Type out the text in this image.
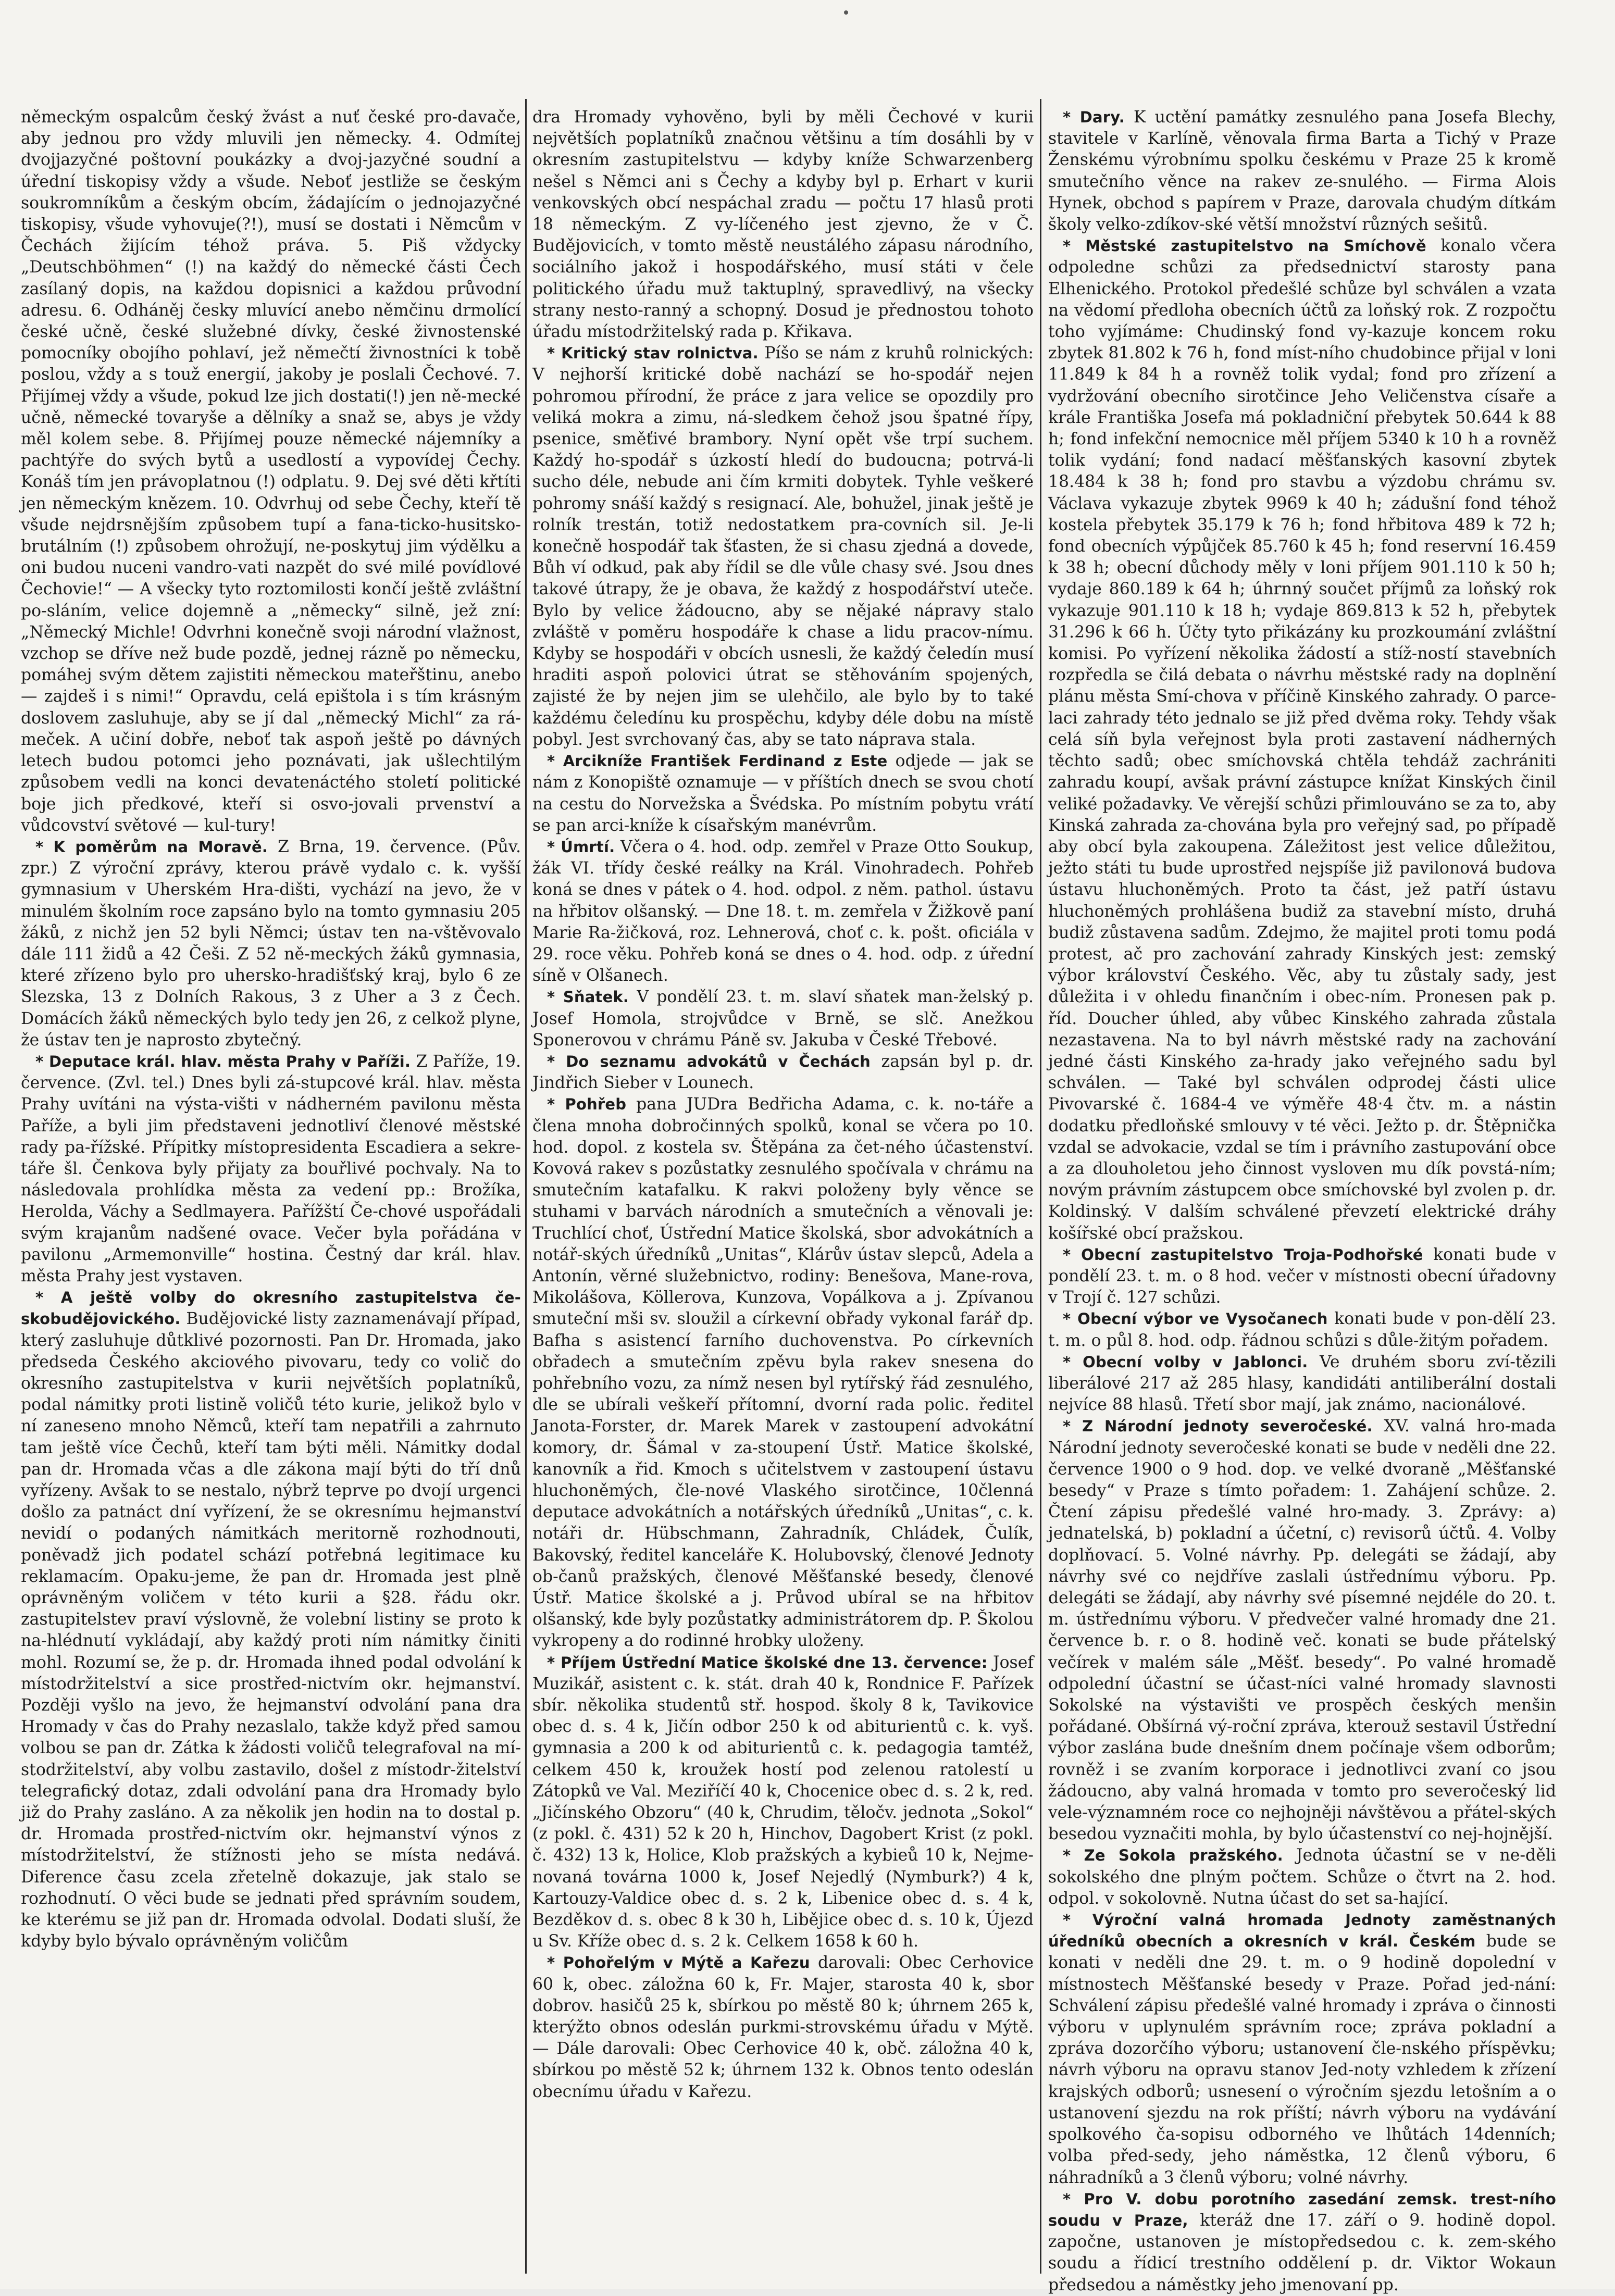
německým ospalcům český žvást a nuť české pro-davače, aby jednou pro vždy mluvili jen německy. 4. Odmítej dvojjazyčné poštovní poukázky a dvoj-jazyčné soudní a úřední tiskopisy vždy a všude. Neboť jestliže se českým soukromníkům a českým obcím, žádajícím o jednojazyčné tiskopisy, všude vyhovuje(?!), musí se dostati i Němcům v Čechách žijícím téhož práva. 5. Piš vždycky „Deutschböhmen“ (!) na každý do německé části Čech zasílaný dopis, na každou dopisnici a každou průvodní adresu. 6. Odháněj česky mluvící anebo němčinu drmolící české učně, české služebné dívky, české živnostenské pomocníky obojího pohlaví, jež němečtí živnostníci k tobě poslou, vždy a s touž energií, jakoby je poslali Čechové. 7. Přijímej vždy a všude, pokud lze jich dostati(!) jen ně-mecké učně, německé tovaryše a dělníky a snaž se, abys je vždy měl kolem sebe. 8. Přijímej pouze německé nájemníky a pachtýře do svých bytů a usedlostí a vypovídej Čechy. Konáš tím jen právoplatnou (!) odplatu. 9. Dej své děti křtíti jen německým knězem. 10. Odvrhuj od sebe Čechy, kteří tě všude nejdrsnějším způsobem tupí a fana-ticko-husitsko-brutálním (!) způsobem ohrožují, ne-poskytuj jim výdělku a oni budou nuceni vandro-vati nazpět do své milé povídlové Čechovie!“ — A všecky tyto roztomilosti končí ještě zvláštní po-sláním, velice dojemně a „německy“ silně, jež zní: „Německý Michle! Odvrhni konečně svoji národní vlažnost, vzchop se dříve než bude pozdě, jednej rázně po německu, pomáhej svým dětem zajistiti německou mateřštinu, anebo — zajdeš i s nimi!“ Opravdu, celá epištola i s tím krásným doslovem zasluhuje, aby se jí dal „německý Michl“ za rá-meček. A učiní dobře, neboť tak aspoň ještě po dávných letech budou potomci jeho poznávati, jak ušlechtilým způsobem vedli na konci devatenáctého století politické boje jich předkové, kteří si osvo-jovali prvenství a vůdcovství světové — kul-tury!

* K poměrům na Moravě. Z Brna, 19. července. (Pův. zpr.) Z výroční zprávy, kterou právě vydalo c. k. vyšší gymnasium v Uherském Hra-dišti, vychází na jevo, že v minulém školním roce zapsáno bylo na tomto gymnasiu 205 žáků, z nichž jen 52 byli Němci; ústav ten na-vštěvovalo dále 111 židů a 42 Češi. Z 52 ně-meckých žáků gymnasia, které zřízeno bylo pro uhersko-hradišťský kraj, bylo 6 ze Slezska, 13 z Dolních Rakous, 3 z Uher a 3 z Čech. Domácích žáků německých bylo tedy jen 26, z celkož plyne, že ústav ten je naprosto zbytečný.

* Deputace král. hlav. města Prahy v Paříži. Z Paříže, 19. července. (Zvl. tel.) Dnes byli zá-stupcové král. hlav. města Prahy uvítáni na výsta-višti v nádherném pavilonu města Paříže, a byli jim představeni jednotliví členové městské rady pa-řížské. Přípitky místopresidenta Escadiera a sekre-táře šl. Čenkova byly přijaty za bouřlivé pochvaly. Na to následovala prohlídka města za vedení pp.: Brožíka, Herolda, Váchy a Sedlmayera. Pařížští Če-chové uspořádali svým krajanům nadšené ovace. Večer byla pořádána v pavilonu „Armemonville“ hostina. Čestný dar král. hlav. města Prahy jest vystaven.

* A ještě volby do okresního zastupitelstva če-skobudějovického. Budějovické listy zaznamenávají případ, který zasluhuje důtklivé pozornosti. Pan Dr. Hromada, jako předseda Českého akciového pivovaru, tedy co volič do okresního zastupitelstva v kurii největších poplatníků, podal námitky proti listině voličů této kurie, jelikož bylo v ní zaneseno mnoho Němců, kteří tam nepatřili a zahrnuto tam ještě více Čechů, kteří tam býti měli. Námitky dodal pan dr. Hromada včas a dle zákona mají býti do tří dnů vyřízeny. Avšak to se nestalo, nýbrž teprve po dvojí urgenci došlo za patnáct dní vyřízení, že se okresnímu hejmanství nevidí o podaných námitkách meritorně rozhodnouti, poněvadž jich podatel schází potřebná legitimace ku reklamacím. Opaku-jeme, že pan dr. Hromada jest plně oprávněným voličem v této kurii a §28. řádu okr. zastupitelstev praví výslovně, že volební listiny se proto k na-hlédnutí vykládají, aby každý proti ním námitky činiti mohl. Rozumí se, že p. dr. Hromada ihned podal odvolání k místodržitelství a sice prostřed-nictvím okr. hejmanství. Později vyšlo na jevo, že hejmanství odvolání pana dra Hromady v čas do Prahy nezaslalo, takže když před samou volbou se pan dr. Zátka k žádosti voličů telegrafoval na mí-stodržitelství, aby volbu zastavilo, došel z místodr-žitelství telegrafický dotaz, zdali odvolání pana dra Hromady bylo již do Prahy zasláno. A za několik jen hodin na to dostal p. dr. Hromada prostřed-nictvím okr. hejmanství výnos z místodržitelství, že stížnosti jeho se místa nedává. Diference času zcela zřetelně dokazuje, jak stalo se rozhodnutí. O věci bude se jednati před správním soudem, ke kterému se již pan dr. Hromada odvolal. Dodati sluší, že kdyby bylo bývalo oprávněným voličům

dra Hromady vyhověno, byli by měli Čechové v kurii největších poplatníků značnou většinu a tím dosáhli by v okresním zastupitelstvu — kdyby kníže Schwarzenberg nešel s Němci ani s Čechy a kdyby byl p. Erhart v kurii venkovských obcí nespáchal zradu — počtu 17 hlasů proti 18 německým. Z vy-líčeného jest zjevno, že v Č. Budějovicích, v tomto městě neustálého zápasu národního, sociálního jakož i hospodářského, musí státi v čele politického úřadu muž taktuplný, spravedlivý, na všecky strany nesto-ranný a schopný. Dosud je přednostou tohoto úřadu místodržitelský rada p. Křikava.

* Kritický stav rolnictva. Píšo se nám z kruhů rolnických: V nejhorší kritické době nachází se ho-spodář nejen pohromou přírodní, že práce z jara velice se opozdily pro veliká mokra a zimu, ná-sledkem čehož jsou špatné řípy, psenice, směťivé brambory. Nyní opět vše trpí suchem. Každý ho-spodář s úzkostí hledí do budoucna; potrvá-li sucho déle, nebude ani čím krmiti dobytek. Tyhle veškeré pohromy snáší každý s resignací. Ale, bohužel, jinak ještě je rolník trestán, totiž nedostatkem pra-covních sil. Je-li konečně hospodář tak šťasten, že si chasu zjedná a dovede, Bůh ví odkud, pak aby řídil se dle vůle chasy své. Jsou dnes takové útrapy, že je obava, že každý z hospodářství uteče. Bylo by velice žádoucno, aby se nějaké nápravy stalo zvláště v poměru hospodáře k chase a lidu pracov-nímu. Kdyby se hospodáři v obcích usnesli, že každý čeledín musí hraditi aspoň polovici útrat se stěhováním spojených, zajisté že by nejen jim se ulehčilo, ale bylo by to také každému čeledínu ku prospěchu, kdyby déle dobu na místě pobyl. Jest svrchovaný čas, aby se tato náprava stala.

* Arcikníže František Ferdinand z Este odjede — jak se nám z Konopiště oznamuje — v příštích dnech se svou chotí na cestu do Norvežska a Švédska. Po místním pobytu vrátí se pan arci-kníže k císařským manévrům.

* Úmrtí. Včera o 4. hod. odp. zemřel v Praze Otto Soukup, žák VI. třídy české reálky na Král. Vinohradech. Pohřeb koná se dnes v pátek o 4. hod. odpol. z něm. pathol. ústavu na hřbitov olšanský. — Dne 18. t. m. zemřela v Žižkově paní Marie Ra-žičková, roz. Lehnerová, choť c. k. pošt. oficiála v 29. roce věku. Pohřeb koná se dnes o 4. hod. odp. z úřední síně v Olšanech.

* Sňatek. V pondělí 23. t. m. slaví sňatek man-želský p. Josef Homola, strojvůdce v Brně, se slč. Anežkou Sponerovou v chrámu Páně sv. Jakuba v České Třebové.

* Do seznamu advokátů v Čechách zapsán byl p. dr. Jindřich Sieber v Lounech.

* Pohřeb pana JUDra Bedřicha Adama, c. k. no-táře a člena mnoha dobročinných spolků, konal se včera po 10. hod. dopol. z kostela sv. Štěpána za čet-ného účastenství. Kovová rakev s pozůstatky zesnulého spočívala v chrámu na smutečním katafalku. K rakvi položeny byly věnce se stuhami v barvách národních a smutečních a věnovali je: Truchlící choť, Ústřední Matice školská, sbor advokátních a notář-ských úředníků „Unitas“, Klárův ústav slepců, Adela a Antonín, věrné služebnictvo, rodiny: Benešova, Mane-rova, Mikolášova, Köllerova, Kunzova, Vopálkova a j. Zpívanou smuteční mši sv. sloužil a církevní obřady vykonal farář dp. Bafha s asistencí farního duchovenstva. Po církevních obřadech a smutečním zpěvu byla rakev snesena do pohřebního vozu, za nímž nesen byl rytířský řád zesnulého, dle se ubírali veškeří přítomní, dvorní rada polic. ředitel Janota-Forster, dr. Marek Marek v zastoupení advokátní komory, dr. Šámal v za-stoupení Ústř. Matice školské, kanovník a řid. Kmoch s učitelstvem v zastoupení ústavu hluchoněmých, čle-nové Vlaského sirotčince, 10členná deputace advokátních a notářských úředníků „Unitas“, c. k. notáři dr. Hübschmann, Zahradník, Chládek, Čulík, Bakovský, ředitel kanceláře K. Holubovský, členové Jednoty ob-čanů pražských, členové Měšťanské besedy, členové Ústř. Matice školské a j. Průvod ubíral se na hřbitov olšanský, kde byly pozůstatky administrátorem dp. P. Školou vykropeny a do rodinné hrobky uloženy.

* Příjem Ústřední Matice školské dne 13. července: Josef Muzikář, asistent c. k. stát. drah 40 k, Rondnice F. Pařízek sbír. několika studentů stř. hospod. školy 8 k, Tavikovice obec d. s. 4 k, Jičín odbor 250 k od abiturientů c. k. vyš. gymnasia a 200 k od abiturientů c. k. pedagogia tamtéž, celkem 450 k, kroužek hostí pod zelenou ratolestí u Zátopků ve Val. Meziříčí 40 k, Chocenice obec d. s. 2 k, red. „Jičínského Obzoru“ (40 k, Chrudim, těločv. jednota „Sokol“ (z pokl. č. 431) 52 k 20 h, Hinchov, Dagobert Krist (z pokl. č. 432) 13 k, Holice, Klob pražských a kybieů 10 k, Nejme-novaná továrna 1000 k, Josef Nejedlý (Nymburk?) 4 k, Kartouzy-Valdice obec d. s. 2 k, Libenice obec d. s. 4 k, Bezděkov d. s. obec 8 k 30 h, Libějice obec d. s. 10 k, Újezd u Sv. Kříže obec d. s. 2 k. Celkem 1658 k 60 h.

* Pohořelým v Mýtě a Kařezu darovali: Obec Cerhovice 60 k, obec. záložna 60 k, Fr. Majer, starosta 40 k, sbor dobrov. hasičů 25 k, sbírkou po městě 80 k; úhrnem 265 k, kterýžto obnos odeslán purkmi-strovskému úřadu v Mýtě. — Dále darovali: Obec Cerhovice 40 k, obč. záložna 40 k, sbírkou po městě 52 k; úhrnem 132 k. Obnos tento odeslán obecnímu úřadu v Kařezu.

* Dary. K uctění památky zesnulého pana Josefa Blechy, stavitele v Karlíně, věnovala firma Barta a Tichý v Praze Ženskému výrobnímu spolku českému v Praze 25 k kromě smutečního věnce na rakev ze-snulého. — Firma Alois Hynek, obchod s papírem v Praze, darovala chudým dítkám školy velko-zdíkov-ské větší množství různých sešitů.

* Městské zastupitelstvo na Smíchově konalo včera odpoledne schůzi za předsednictví starosty pana Elhenického. Protokol předešlé schůze byl schválen a vzata na vědomí předloha obecních účtů za loňský rok. Z rozpočtu toho vyjímáme: Chudinský fond vy-kazuje koncem roku zbytek 81.802 k 76 h, fond míst-ního chudobince přijal v loni 11.849 k 84 h a rovněž tolik vydal; fond pro zřízení a vydržování obecního sirotčince Jeho Veličenstva císaře a krále Františka Josefa má pokladniční přebytek 50.644 k 88 h; fond infekční nemocnice měl příjem 5340 k 10 h a rovněž tolik vydání; fond nadací měšťanských kasovní zbytek 18.484 k 38 h; fond pro stavbu a výzdobu chrámu sv. Václava vykazuje zbytek 9969 k 40 h; zádušní fond téhož kostela přebytek 35.179 k 76 h; fond hřbitova 489 k 72 h; fond obecních výpůjček 85.760 k 45 h; fond reservní 16.459 k 38 h; obecní důchody měly v loni příjem 901.110 k 50 h; vydaje 860.189 k 64 h; úhrnný součet příjmů za loňský rok vykazuje 901.110 k 18 h; vydaje 869.813 k 52 h, přebytek 31.296 k 66 h. Účty tyto přikázány ku prozkoumání zvláštní komisi. Po vyřízení několika žádostí a stíž-ností stavebních rozpředla se čilá debata o návrhu městské rady na doplnění plánu města Smí-chova v příčině Kinského zahrady. O parce-laci zahrady této jednalo se již před dvěma roky. Tehdy však celá síň byla veřejnost byla proti zastavení nádherných těchto sadů; obec smíchovská chtěla tehdáž zachrániti zahradu koupí, avšak právní zástupce knížat Kinských činil veliké požadavky. Ve věrejší schůzi přimlouváno se za to, aby Kinská zahrada za-chována byla pro veřejný sad, po případě aby obcí byla zakoupena. Záležitost jest velice důležitou, ježto státi tu bude uprostřed nejspíše již pavilonová budova ústavu hluchoněmých. Proto ta část, jež patří ústavu hluchoněmých prohlášena budiž za stavební místo, druhá budiž zůstavena sadům. Zdejmo, že majitel proti tomu podá protest, ač pro zachování zahrady Kinských jest: zemský výbor království Českého. Věc, aby tu zůstaly sady, jest důležita i v ohledu finančním i obec-ním. Pronesen pak p. říd. Doucher úhled, aby vůbec Kinského zahrada zůstala nezastavena. Na to byl návrh městské rady na zachování jedné části Kinského za-hrady jako veřejného sadu byl schválen. — Také byl schválen odprodej části ulice Pivovarské č. 1684-4 ve výměře 48‧4 čtv. m. a nástin dodatku předloňské smlouvy v té věci. Ježto p. dr. Štěpnička vzdal se advokacie, vzdal se tím i právního zastupování obce a za dlouholetou jeho činnost vysloven mu dík povstá-ním; novým právním zástupcem obce smíchovské byl zvolen p. dr. Koldinský. V dalším schválené převzetí elektrické dráhy košířské obcí pražskou.

* Obecní zastupitelstvo Troja-Podhořské konati bude v pondělí 23. t. m. o 8 hod. večer v místnosti obecní úřadovny v Trojí č. 127 schůzi.

* Obecní výbor ve Vysočanech konati bude v pon-dělí 23. t. m. o půl 8. hod. odp. řádnou schůzi s důle-žitým pořadem.

* Obecní volby v Jablonci. Ve druhém sboru zví-tězili liberálové 217 až 285 hlasy, kandidáti antiliberální dostali nejvíce 88 hlasů. Třetí sbor mají, jak známo, nacionálové.

* Z Národní jednoty severočeské. XV. valná hro-mada Národní jednoty severočeské konati se bude v neděli dne 22. července 1900 o 9 hod. dop. ve velké dvoraně „Měšťanské besedy“ v Praze s tímto pořadem: 1. Zahájení schůze. 2. Čtení zápisu předešlé valné hro-mady. 3. Zprávy: a) jednatelská, b) pokladní a účetní, c) revisorů účtů. 4. Volby doplňovací. 5. Volné návrhy. Pp. delegáti se žádají, aby návrhy své co nejdříve zaslali ústřednímu výboru. Pp. delegáti se žádají, aby návrhy své písemné nejdéle do 20. t. m. ústřednímu výboru. V předvečer valné hromady dne 21. července b. r. o 8. hodině več. konati se bude přátelský večírek v malém sále „Měšť. besedy“. Po valné hromadě odpolední účastní se účast-níci valné hromady slavnosti Sokolské na výstavišti ve prospěch českých menšin pořádané. Obšírná vý-roční zpráva, kterouž sestavil Ústřední výbor zaslána bude dnešním dnem počínaje všem odborům; rovněž i se zvaním korporace i jednotlivci zvaní co jsou žádoucno, aby valná hromada v tomto pro severočeský lid vele-významném roce co nejhojněji návštěvou a přátel-ských besedou vyznačiti mohla, by bylo účastenství co nej-hojnější.

* Ze Sokola pražského. Jednota účastní se v ne-děli sokolského dne plným počtem. Schůze o čtvrt na 2. hod. odpol. v sokolovně. Nutna účast do set sa-hající.

* Výroční valná hromada Jednoty zaměstnaných úředníků obecních a okresních v král. Českém bude se konati v neděli dne 29. t. m. o 9 hodině dopolední v místnostech Měšťanské besedy v Praze. Pořad jed-nání: Schválení zápisu předešlé valné hromady i zpráva o činnosti výboru v uplynulém správním roce; zpráva pokladní a zpráva dozorčího výboru; ustanovení čle-nského příspěvku; návrh výboru na opravu stanov Jed-noty vzhledem k zřízení krajských odborů; usnesení o výročním sjezdu letošním a o ustanovení sjezdu na rok příští; návrh výboru na vydávání spolkového ča-sopisu odborného ve lhůtách 14denních; volba před-sedy, jeho náměstka, 12 členů výboru, 6 náhradníků a 3 členů výboru; volné návrhy.

* Pro V. dobu porotního zasedání zemsk. trest-ního soudu v Praze, kteráž dne 17. září o 9. hodině dopol. započne, ustanoven je místopředsedou c. k. zem-ského soudu a řídicí trestního oddělení p. dr. Viktor Wokaun předsedou a náměstky jeho jmenovaní pp.
